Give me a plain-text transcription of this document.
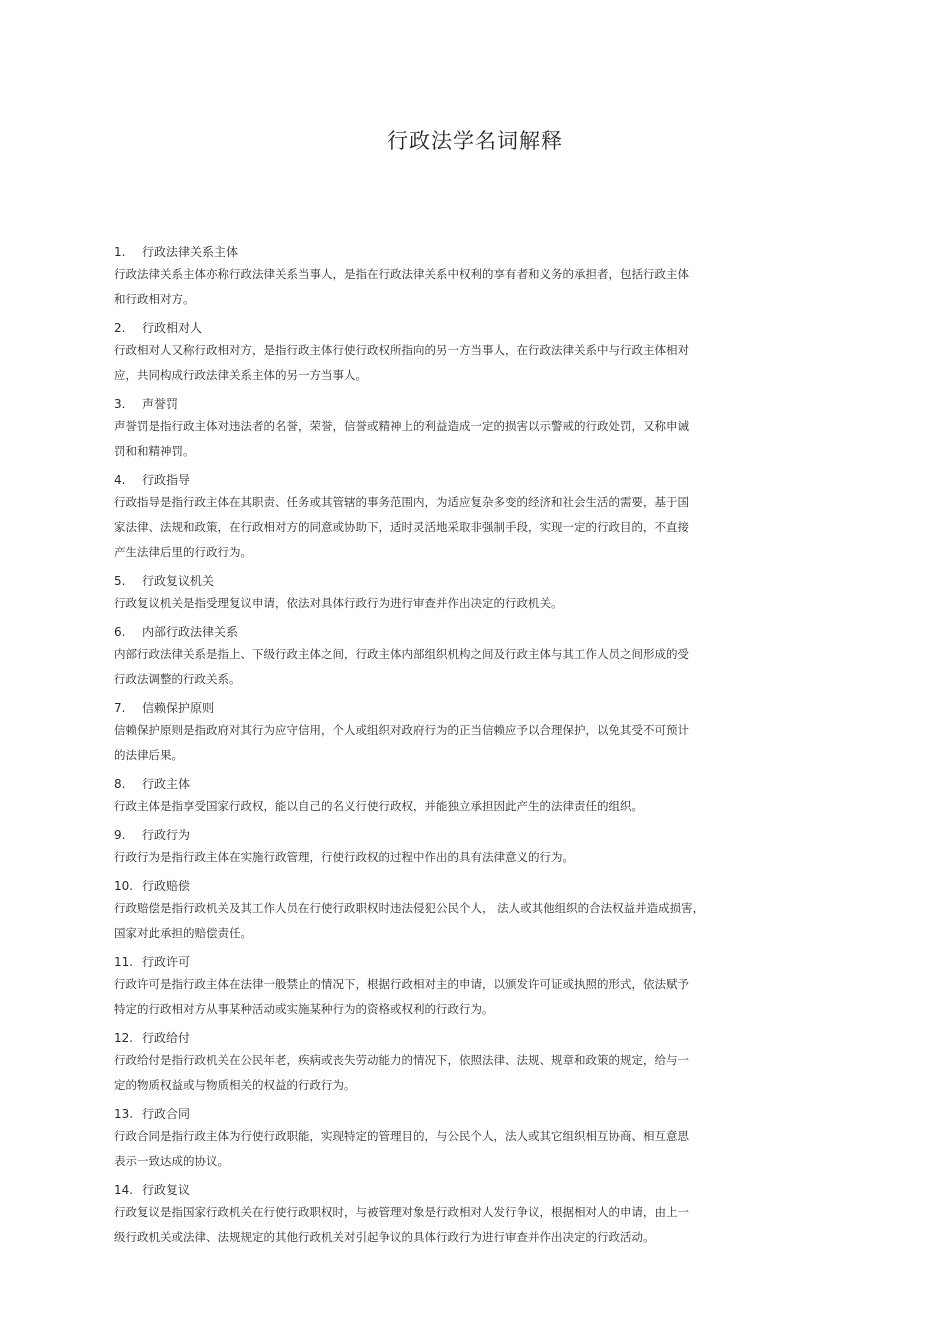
行政法学名词解释
1. 行政法律关系主体
行政法律关系主体亦称行政法律关系当事人，是指在行政法律关系中权利的享有者和义务的承担者，包括行政主体
和行政相对方。
2. 行政相对人
行政相对人又称行政相对方，是指行政主体行使行政权所指向的另一方当事人，在行政法律关系中与行政主体相对
应，共同构成行政法律关系主体的另一方当事人。
3. 声誉罚
声誉罚是指行政主体对违法者的名誉，荣誉，信誉或精神上的利益造成一定的损害以示警戒的行政处罚，又称申诫
罚和和精神罚。
4. 行政指导
行政指导是指行政主体在其职责、任务或其管辖的事务范围内，为适应复杂多变的经济和社会生活的需要，基于国
家法律、法规和政策，在行政相对方的同意或协助下，适时灵活地采取非强制手段，实现一定的行政目的，不直接
产生法律后里的行政行为。
5. 行政复议机关
行政复议机关是指受理复议申请，依法对具体行政行为进行审查并作出决定的行政机关。
6. 内部行政法律关系
内部行政法律关系是指上、下级行政主体之间，行政主体内部组织机构之间及行政主体与其工作人员之间形成的受
行政法调整的行政关系。
7. 信赖保护原则
信赖保护原则是指政府对其行为应守信用，个人或组织对政府行为的正当信赖应予以合理保护，以免其受不可预计
的法律后果。
8. 行政主体
行政主体是指享受国家行政权，能以自己的名义行使行政权，并能独立承担因此产生的法律责任的组织。
9. 行政行为
行政行为是指行政主体在实施行政管理，行使行政权的过程中作出的具有法律意义的行为。
10. 行政赔偿
行政赔偿是指行政机关及其工作人员在行使行政职权时违法侵犯公民个人， 法人或其他组织的合法权益并造成损害，
国家对此承担的赔偿责任。
11. 行政许可
行政许可是指行政主体在法律一般禁止的情况下，根据行政相对主的申请，以颁发许可证或执照的形式，依法赋予
特定的行政相对方从事某种活动或实施某种行为的资格或权利的行政行为。
12. 行政给付
行政给付是指行政机关在公民年老，疾病或丧失劳动能力的情况下，依照法律、法规、规章和政策的规定，给与一
定的物质权益或与物质相关的权益的行政行为。
13. 行政合同
行政合同是指行政主体为行使行政职能，实现特定的管理目的，与公民个人，法人或其它组织相互协商、相互意思
表示一致达成的协议。
14. 行政复议
行政复议是指国家行政机关在行使行政职权时，与被管理对象是行政相对人发行争议，根据相对人的申请，由上一
级行政机关或法律、法规规定的其他行政机关对引起争议的具体行政行为进行审查并作出决定的行政活动。
